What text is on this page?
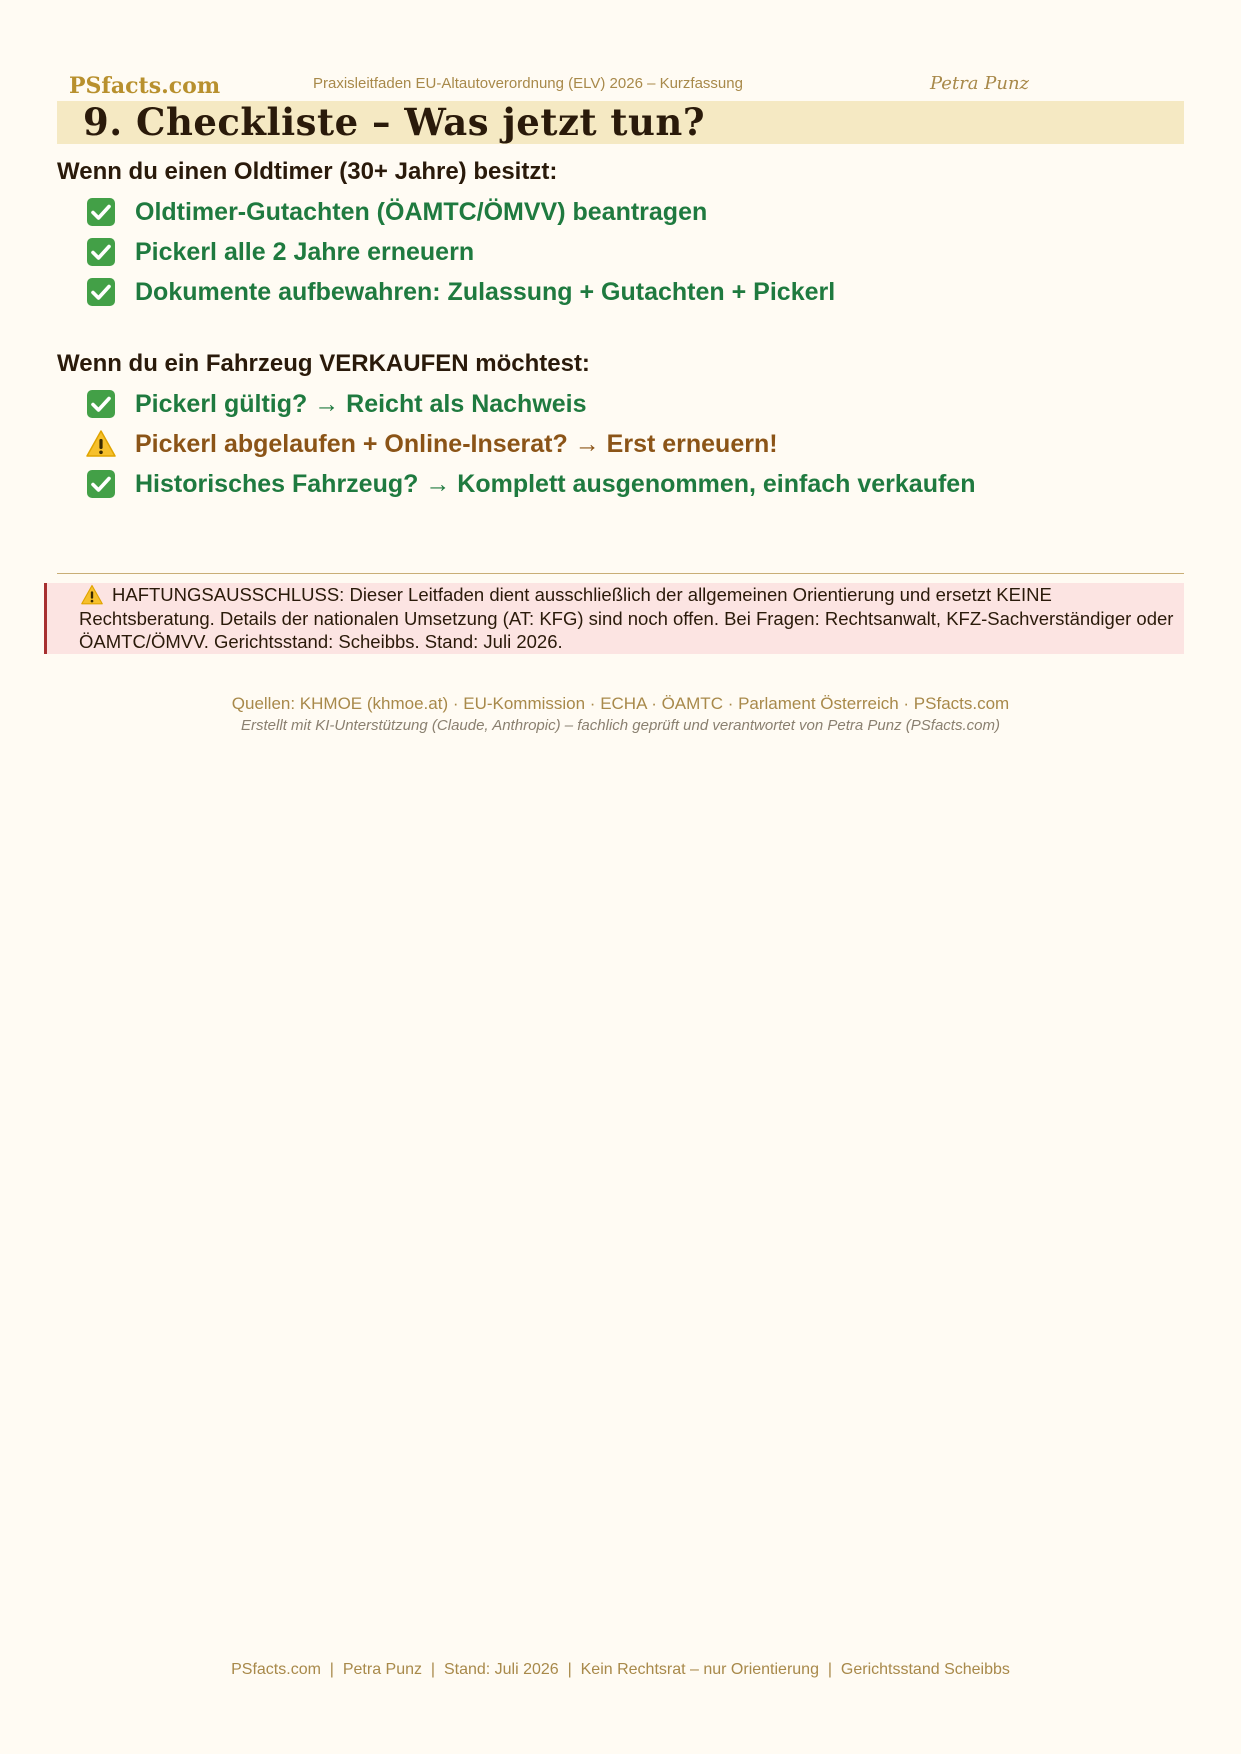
PSfacts.com	Praxisleitfaden EU-Altautoverordnung (ELV) 2026 – Kurzfassung	Petra Punz
9. Checkliste – Was jetzt tun?
Wenn du einen Oldtimer (30+ Jahre) besitzt:
Oldtimer-Gutachten (ÖAMTC/ÖMVV) beantragen
Pickerl alle 2 Jahre erneuern
Dokumente aufbewahren: Zulassung + Gutachten + Pickerl
Wenn du ein Fahrzeug VERKAUFEN möchtest:
Pickerl gültig? → Reicht als Nachweis
Pickerl abgelaufen + Online-Inserat? → Erst erneuern!
Historisches Fahrzeug? → Komplett ausgenommen, einfach verkaufen
HAFTUNGSAUSSCHLUSS: Dieser Leitfaden dient ausschließlich der allgemeinen Orientierung und ersetzt KEINE Rechtsberatung. Details der nationalen Umsetzung (AT: KFG) sind noch offen. Bei Fragen: Rechtsanwalt, KFZ-Sachverständiger oder ÖAMTC/ÖMVV. Gerichtsstand: Scheibbs. Stand: Juli 2026.
Quellen: KHMOE (khmoe.at) · EU-Kommission · ECHA · ÖAMTC · Parlament Österreich · PSfacts.com
Erstellt mit KI-Unterstützung (Claude, Anthropic) – fachlich geprüft und verantwortet von Petra Punz (PSfacts.com)
PSfacts.com  |  Petra Punz  |  Stand: Juli 2026  |  Kein Rechtsrat – nur Orientierung  |  Gerichtsstand Scheibbs
